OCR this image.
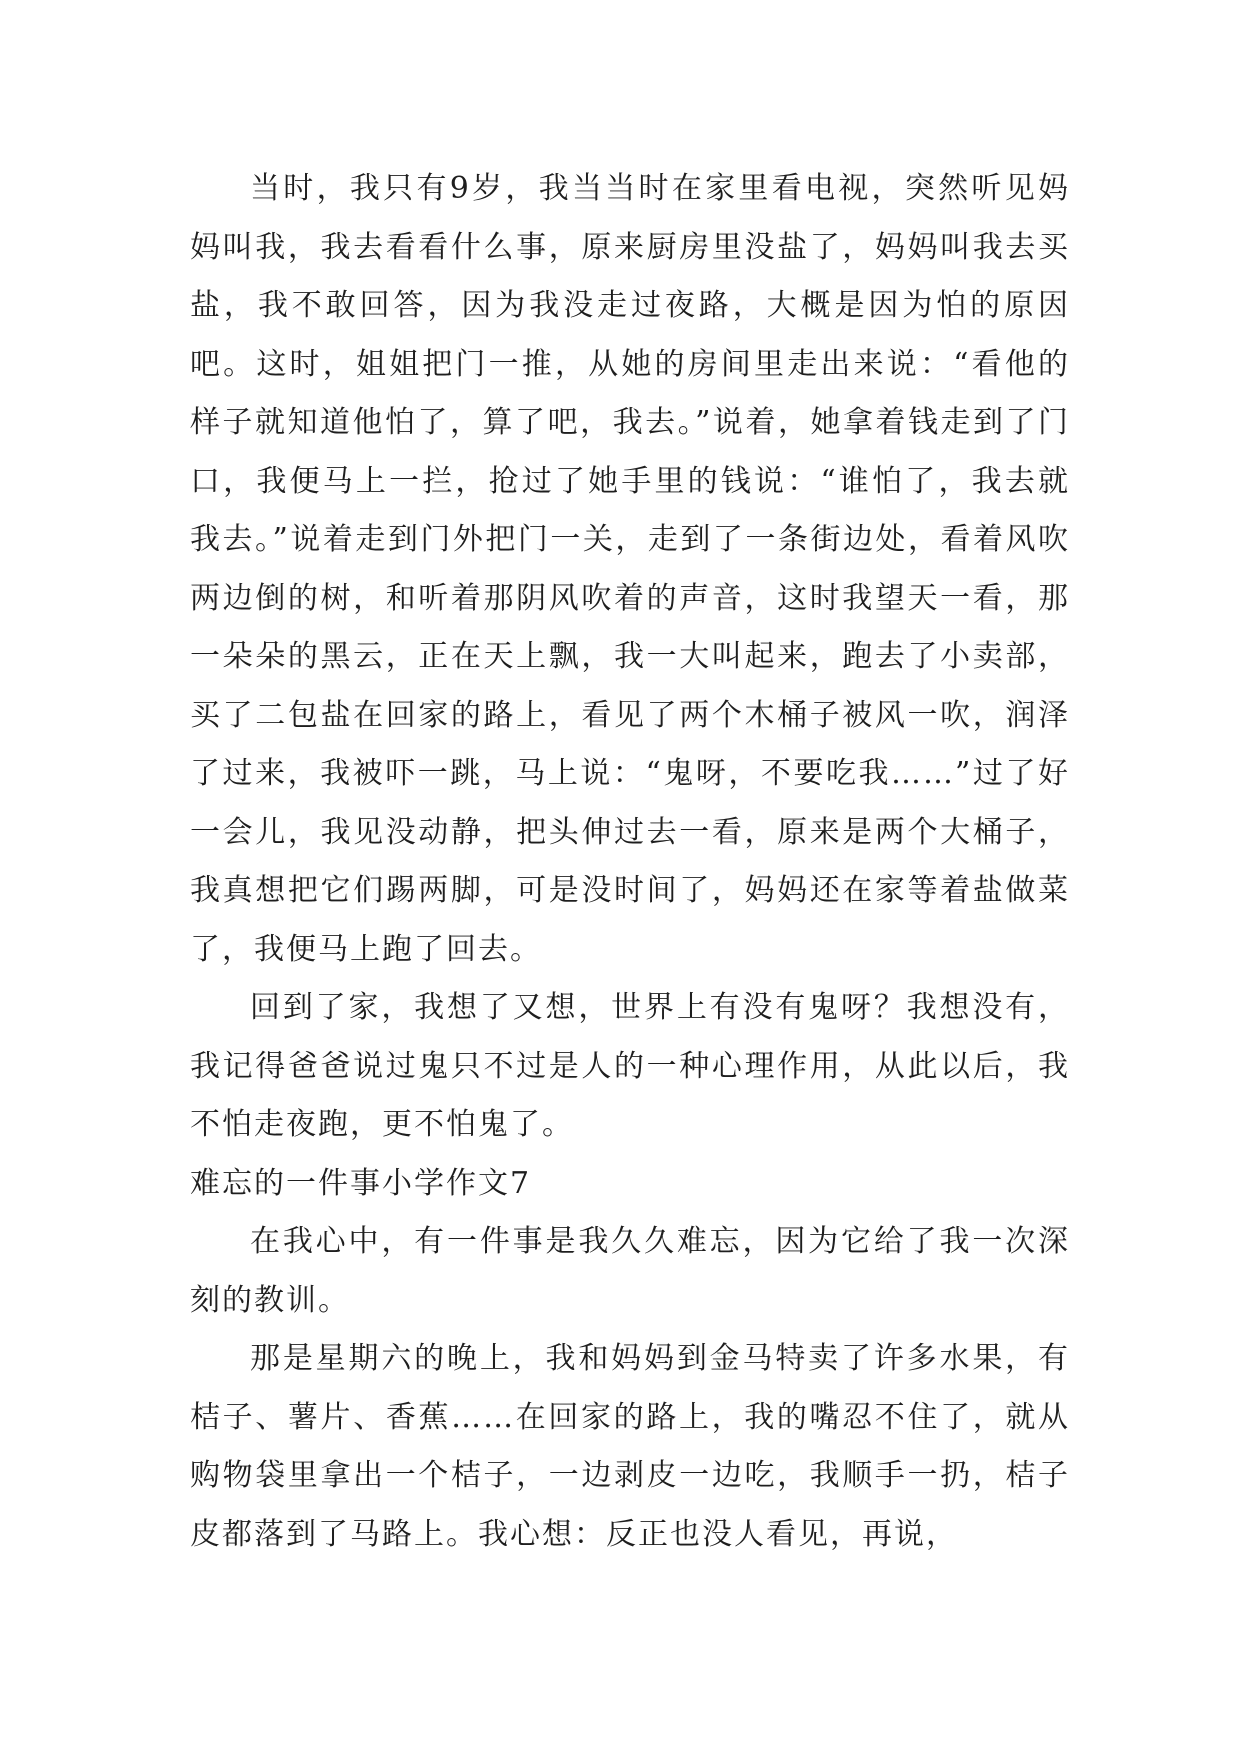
当时，我只有9岁，我当当时在家里看电视，突然听见妈妈叫我，我去看看什么事，原来厨房里没盐了，妈妈叫我去买盐，我不敢回答，因为我没走过夜路，大概是因为怕的原因吧。这时，姐姐把门一推，从她的房间里走出来说：“看他的样子就知道他怕了，算了吧，我去。”说着，她拿着钱走到了门口，我便马上一拦，抢过了她手里的钱说：“谁怕了，我去就我去。”说着走到门外把门一关，走到了一条街边处，看着风吹两边倒的树，和听着那阴风吹着的声音，这时我望天一看，那一朵朵的黑云，正在天上飘，我一大叫起来，跑去了小卖部，买了二包盐在回家的路上，看见了两个木桶子被风一吹，润泽了过来，我被吓一跳，马上说：“鬼呀，不要吃我……”过了好一会儿，我见没动静，把头伸过去一看，原来是两个大桶子，我真想把它们踢两脚，可是没时间了，妈妈还在家等着盐做菜了，我便马上跑了回去。

回到了家，我想了又想，世界上有没有鬼呀？我想没有，我记得爸爸说过鬼只不过是人的一种心理作用，从此以后，我不怕走夜跑，更不怕鬼了。

难忘的一件事小学作文7

在我心中，有一件事是我久久难忘，因为它给了我一次深刻的教训。

那是星期六的晚上，我和妈妈到金马特卖了许多水果，有桔子、薯片、香蕉……在回家的路上，我的嘴忍不住了，就从购物袋里拿出一个桔子，一边剥皮一边吃，我顺手一扔，桔子皮都落到了马路上。我心想：反正也没人看见，再说，
